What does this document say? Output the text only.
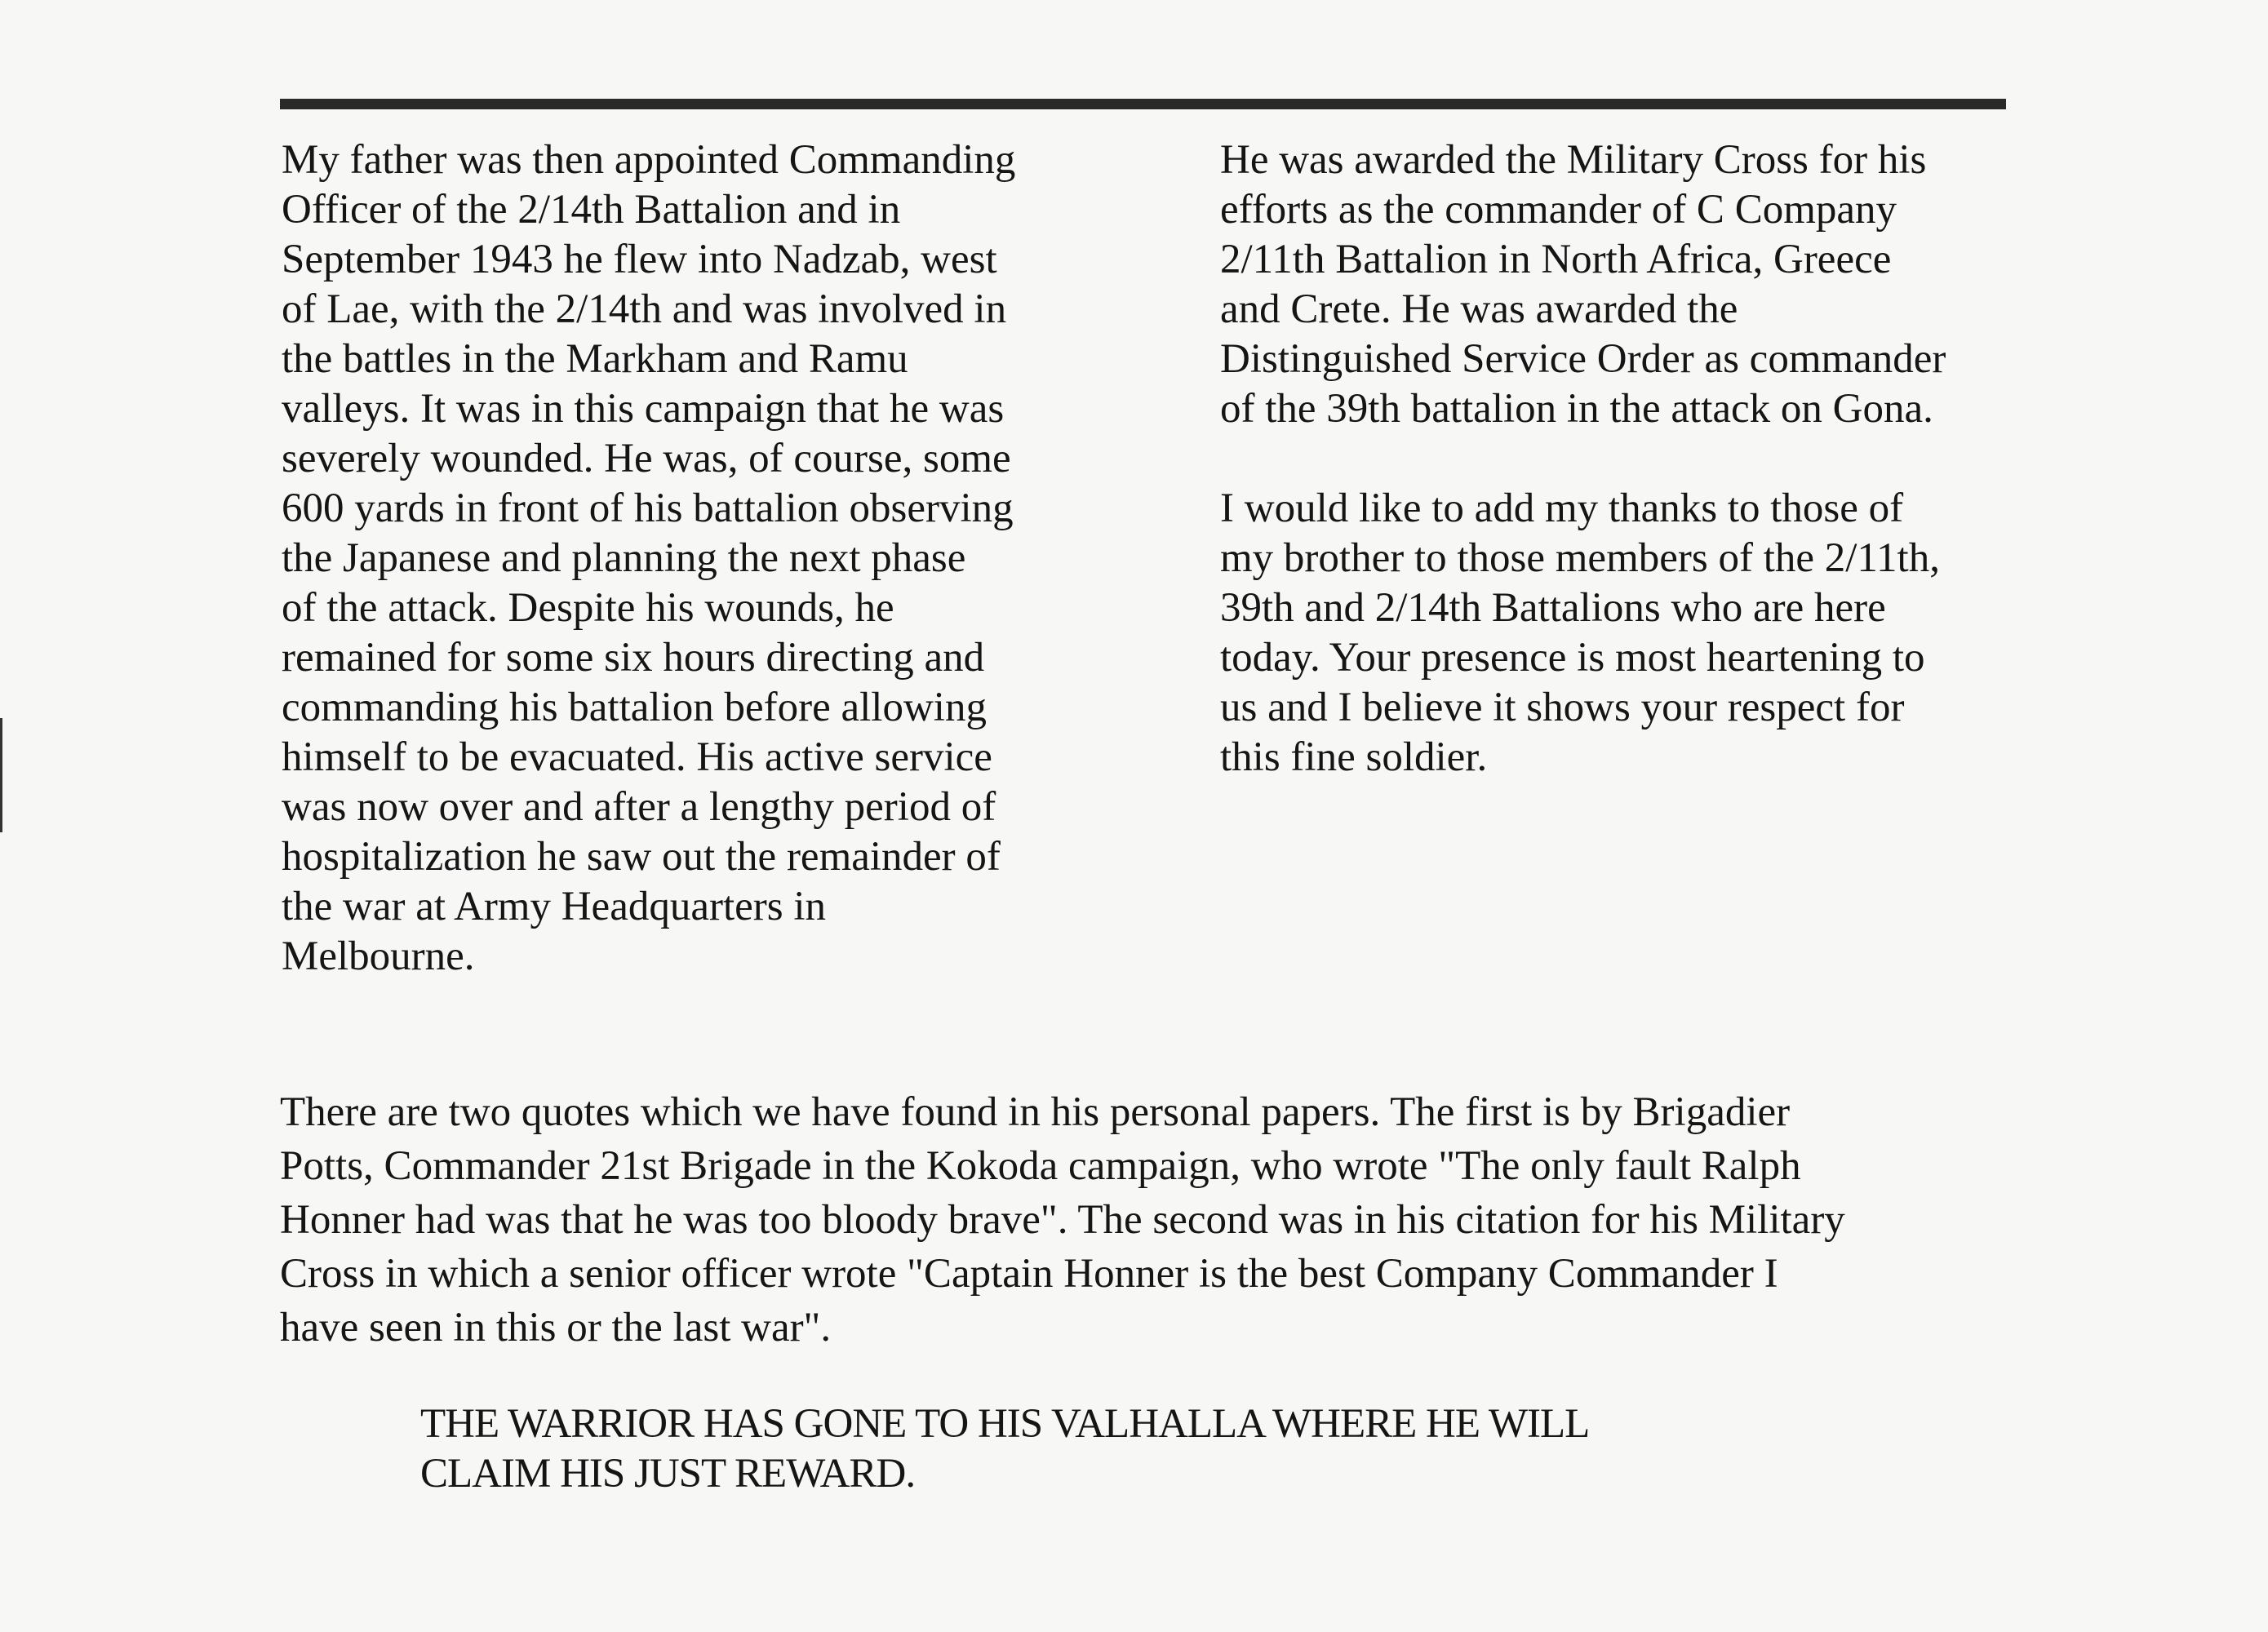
My father was then appointed Commanding

Officer of the 2/14th Battalion and in

September 1943 he flew into Nadzab, west

of Lae, with the 2/14th and was involved in

the battles in the Markham and Ramu

valleys. It was in this campaign that he was

severely wounded. He was, of course, some

600 yards in front of his battalion observing

the Japanese and planning the next phase

of the attack. Despite his wounds, he

remained for some six hours directing and

commanding his battalion before allowing

himself to be evacuated. His active service

was now over and after a lengthy period of

hospitalization he saw out the remainder of

the war at Army Headquarters in

Melbourne.

He was awarded the Military Cross for his

efforts as the commander of C Company

2/11th Battalion in North Africa, Greece

and Crete. He was awarded the

Distinguished Service Order as commander

of the 39th battalion in the attack on Gona.

I would like to add my thanks to those of

my brother to those members of the 2/11th,

39th and 2/14th Battalions who are here

today. Your presence is most heartening to

us and I believe it shows your respect for

this fine soldier.

There are two quotes which we have found in his personal papers. The first is by Brigadier

Potts, Commander 21st Brigade in the Kokoda campaign, who wrote "The only fault Ralph

Honner had was that he was too bloody brave". The second was in his citation for his Military

Cross in which a senior officer wrote "Captain Honner is the best Company Commander I

have seen in this or the last war".

THE WARRIOR HAS GONE TO HIS VALHALLA WHERE HE WILL

CLAIM HIS JUST REWARD.
